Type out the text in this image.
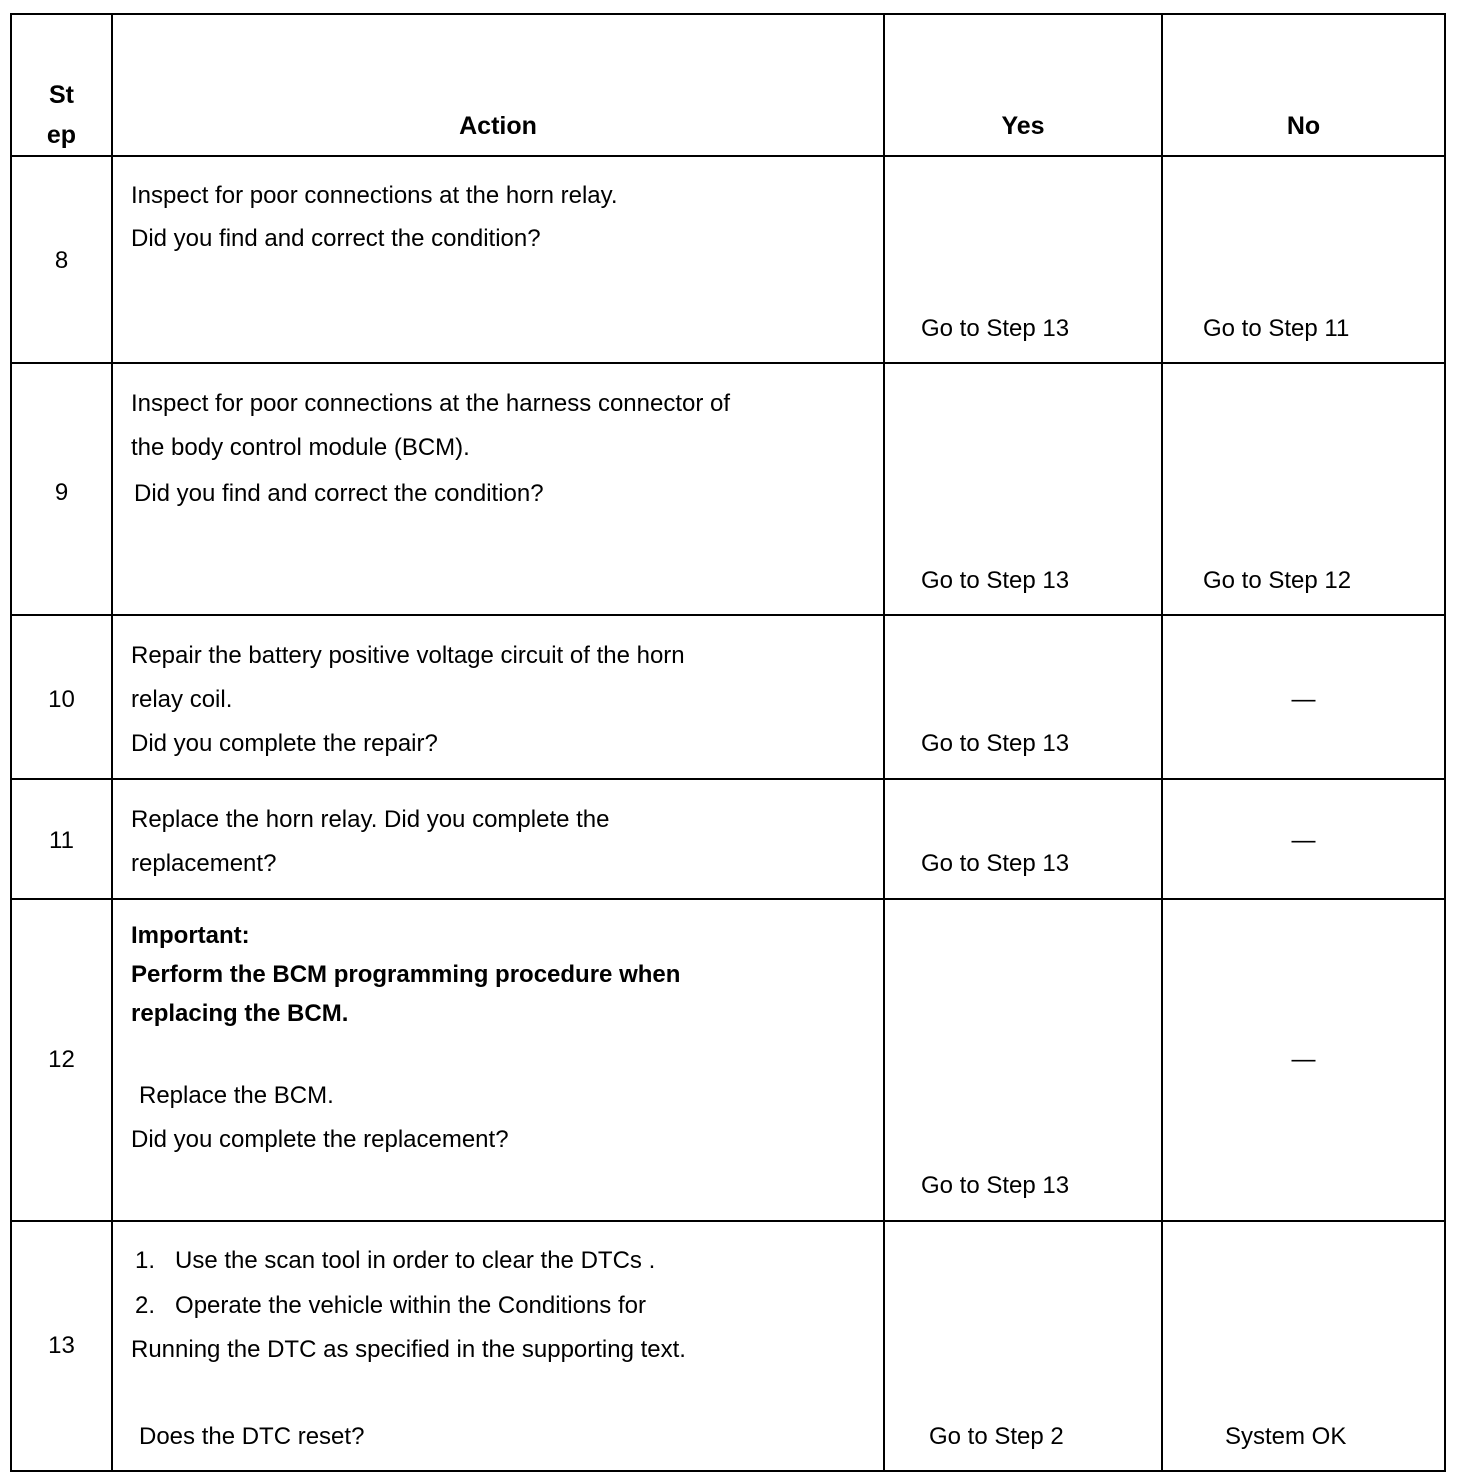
St
ep	Action	Yes	No

8	Inspect for poor connections at the horn relay.
Did you find and correct the condition?	Go to Step 13	Go to Step 11

9	Inspect for poor connections at the harness connector of
the body control module (BCM).
Did you find and correct the condition?	Go to Step 13	Go to Step 12

10	Repair the battery positive voltage circuit of the horn
relay coil.
Did you complete the repair?	Go to Step 13	—

11	Replace the horn relay. Did you complete the
replacement?	Go to Step 13	—

12	Important:
Perform the BCM programming procedure when
replacing the BCM.
Replace the BCM.
Did you complete the replacement?	Go to Step 13	—

13	1.   Use the scan tool in order to clear the DTCs .
2.   Operate the vehicle within the Conditions for
Running the DTC as specified in the supporting text.
Does the DTC reset?	Go to Step 2	System OK
